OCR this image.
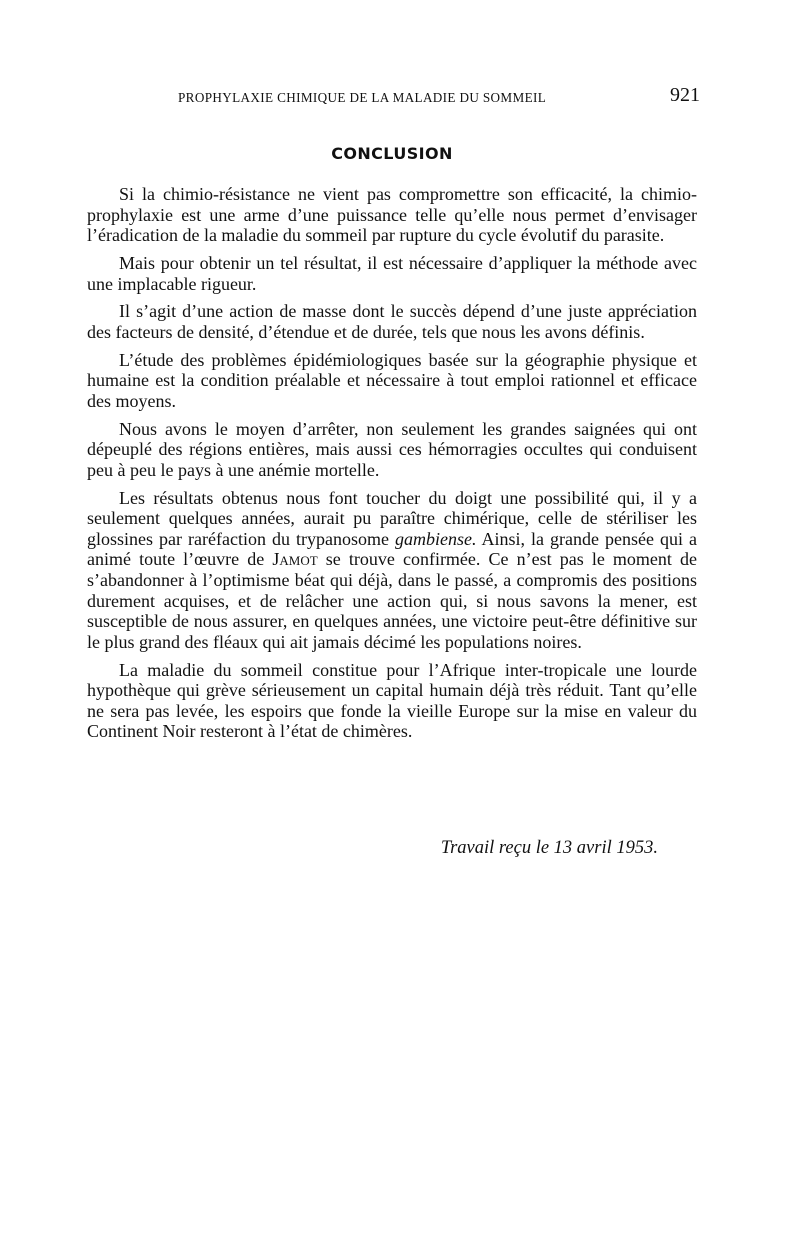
PROPHYLAXIE CHIMIQUE DE LA MALADIE DU SOMMEIL	921
CONCLUSION

Si la chimio-résistance ne vient pas compromettre son efficacité, la chimio-prophylaxie est une arme d’une puissance telle qu’elle nous permet d’envisager l’éradication de la maladie du sommeil par rupture du cycle évolutif du parasite.

Mais pour obtenir un tel résultat, il est nécessaire d’appliquer la méthode avec une implacable rigueur.

Il s’agit d’une action de masse dont le succès dépend d’une juste appréciation des facteurs de densité, d’étendue et de durée, tels que nous les avons définis.

L’étude des problèmes épidémiologiques basée sur la géographie physique et humaine est la condition préalable et nécessaire à tout emploi rationnel et efficace des moyens.

Nous avons le moyen d’arrêter, non seulement les grandes saignées qui ont dépeuplé des régions entières, mais aussi ces hémorragies occultes qui conduisent peu à peu le pays à une anémie mortelle.

Les résultats obtenus nous font toucher du doigt une possibilité qui, il y a seulement quelques années, aurait pu paraître chimérique, celle de stériliser les glossines par raréfaction du trypanosome gambiense. Ainsi, la grande pensée qui a animé toute l’œuvre de Jamot se trouve confirmée. Ce n’est pas le moment de s’abandonner à l’optimisme béat qui déjà, dans le passé, a compromis des positions durement acquises, et de relâcher une action qui, si nous savons la mener, est susceptible de nous assurer, en quelques années, une victoire peut-être définitive sur le plus grand des fléaux qui ait jamais décimé les populations noires.

La maladie du sommeil constitue pour l’Afrique inter-tropicale une lourde hypothèque qui grève sérieusement un capital humain déjà très réduit. Tant qu’elle ne sera pas levée, les espoirs que fonde la vieille Europe sur la mise en valeur du Continent Noir resteront à l’état de chimères.

Travail reçu le 13 avril 1953.
